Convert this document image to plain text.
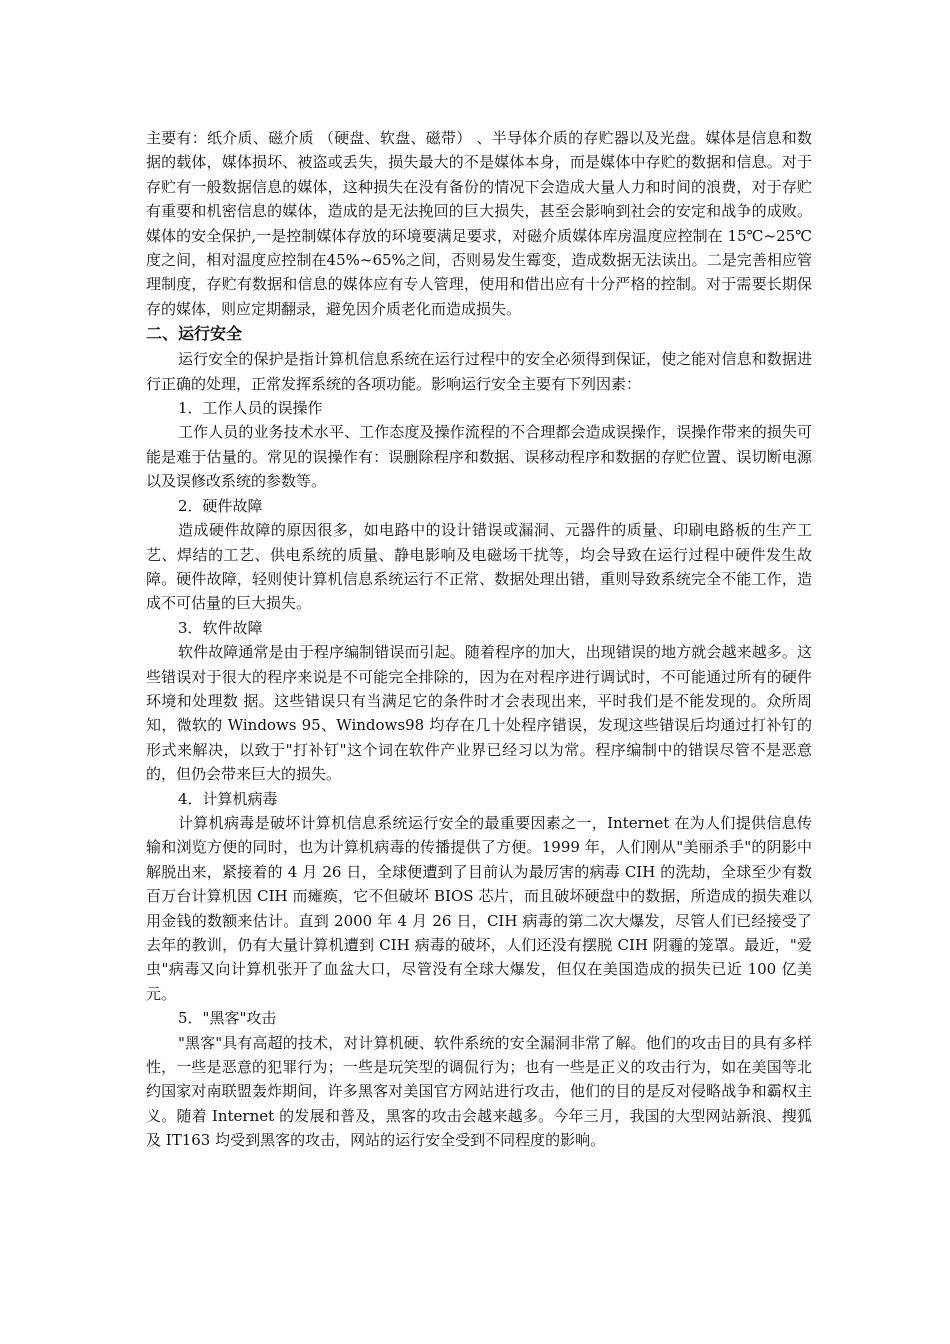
主要有：纸介质、磁介质 （硬盘、软盘、磁带） 、半导体介质的存贮器以及光盘。媒体是信息和数据的载体，媒体损坏、被盗或丢失，损失最大的不是媒体本身，而是媒体中存贮的数据和信息。对于存贮有一般数据信息的媒体，这种损失在没有备份的情况下会造成大量人力和时间的浪费，对于存贮有重要和机密信息的媒体，造成的是无法挽回的巨大损失，甚至会影响到社会的安定和战争的成败。媒体的安全保护,一是控制媒体存放的环境要满足要求，对磁介质媒体库房温度应控制在 15℃~25℃度之间，相对温度应控制在45%~65%之间，否则易发生霉变，造成数据无法读出。二是完善相应管理制度，存贮有数据和信息的媒体应有专人管理，使用和借出应有十分严格的控制。对于需要长期保存的媒体，则应定期翻录，避免因介质老化而造成损失。

二、运行安全

运行安全的保护是指计算机信息系统在运行过程中的安全必须得到保证，使之能对信息和数据进行正确的处理，正常发挥系统的各项功能。影响运行安全主要有下列因素：

1．工作人员的误操作

工作人员的业务技术水平、工作态度及操作流程的不合理都会造成误操作，误操作带来的损失可能是难于估量的。常见的误操作有：误删除程序和数据、误移动程序和数据的存贮位置、误切断电源以及误修改系统的参数等。

2．硬件故障

造成硬件故障的原因很多，如电路中的设计错误或漏洞、元器件的质量、印刷电路板的生产工艺、焊结的工艺、供电系统的质量、静电影响及电磁场干扰等，均会导致在运行过程中硬件发生故障。硬件故障，轻则使计算机信息系统运行不正常、数据处理出错，重则导致系统完全不能工作，造成不可估量的巨大损失。

3．软件故障

软件故障通常是由于程序编制错误而引起。随着程序的加大，出现错误的地方就会越来越多。这些错误对于很大的程序来说是不可能完全排除的，因为在对程序进行调试时，不可能通过所有的硬件环境和处理数 据。这些错误只有当满足它的条件时才会表现出来，平时我们是不能发现的。众所周知，微软的 Windows 95、Windows98 均存在几十处程序错误，发现这些错误后均通过打补钉的形式来解决，以致于"打补钉"这个词在软件产业界已经习以为常。程序编制中的错误尽管不是恶意的，但仍会带来巨大的损失。

4．计算机病毒

计算机病毒是破坏计算机信息系统运行安全的最重要因素之一，Internet 在为人们提供信息传输和浏览方便的同时，也为计算机病毒的传播提供了方便。1999 年，人们刚从"美丽杀手"的阴影中解脱出来，紧接着的 4 月 26 日，全球便遭到了目前认为最厉害的病毒 CIH 的洗劫，全球至少有数百万台计算机因 CIH 而瘫痪，它不但破坏 BIOS 芯片，而且破坏硬盘中的数据，所造成的损失难以用金钱的数额来估计。直到 2000 年 4 月 26 日，CIH 病毒的第二次大爆发，尽管人们已经接受了去年的教训，仍有大量计算机遭到 CIH 病毒的破坏，人们还没有摆脱 CIH 阴霾的笼罩。最近，"爱虫"病毒又向计算机张开了血盆大口，尽管没有全球大爆发，但仅在美国造成的损失已近 100 亿美元。

5．"黑客"攻击

"黑客"具有高超的技术，对计算机硬、软件系统的安全漏洞非常了解。他们的攻击目的具有多样性，一些是恶意的犯罪行为；一些是玩笑型的调侃行为；也有一些是正义的攻击行为，如在美国等北约国家对南联盟轰炸期间，许多黑客对美国官方网站进行攻击，他们的目的是反对侵略战争和霸权主义。随着 Internet 的发展和普及，黑客的攻击会越来越多。今年三月，我国的大型网站新浪、搜狐及 IT163 均受到黑客的攻击，网站的运行安全受到不同程度的影响。
